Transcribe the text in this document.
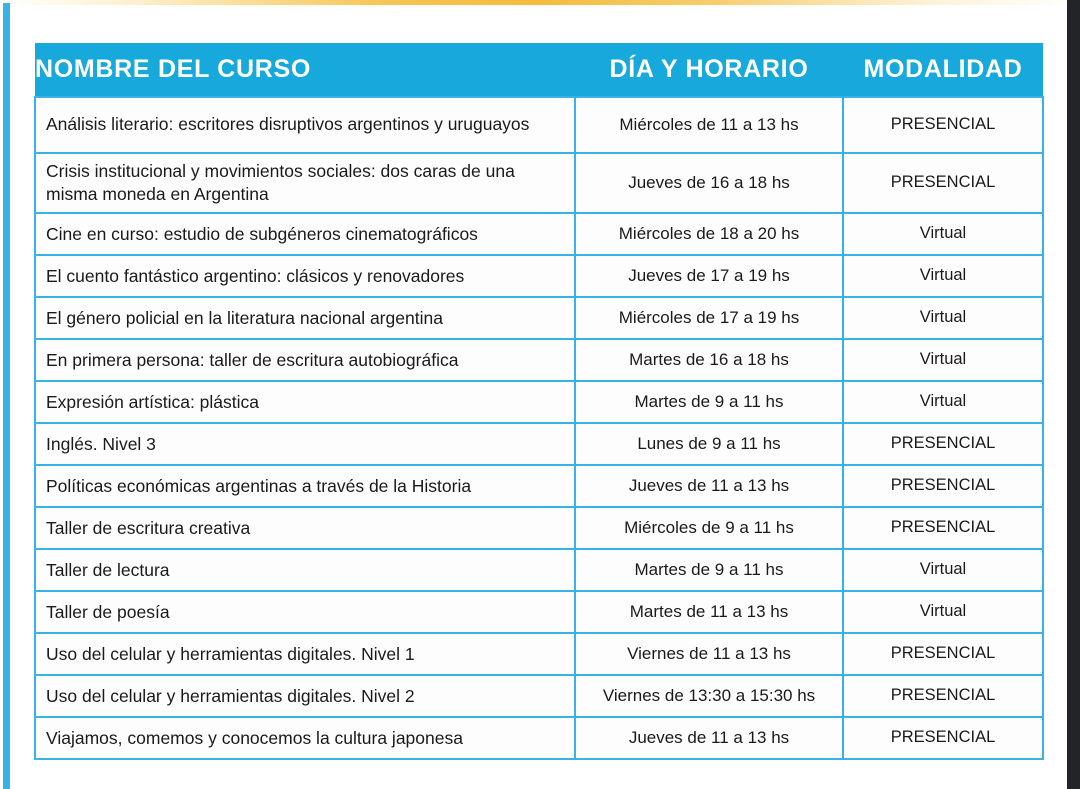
NOMBRE DEL CURSO	DÍA Y HORARIO	MODALIDAD
Análisis literario: escritores disruptivos argentinos y uruguayos	Miércoles de 11 a 13 hs	PRESENCIAL
Crisis institucional y movimientos sociales: dos caras de una misma moneda en Argentina	Jueves de 16 a 18 hs	PRESENCIAL
Cine en curso: estudio de subgéneros cinematográficos	Miércoles de 18 a 20 hs	Virtual
El cuento fantástico argentino: clásicos y renovadores	Jueves de 17 a 19 hs	Virtual
El género policial en la literatura nacional argentina	Miércoles de 17 a 19 hs	Virtual
En primera persona: taller de escritura autobiográfica	Martes de 16 a 18 hs	Virtual
Expresión artística: plástica	Martes de 9 a 11 hs	Virtual
Inglés. Nivel 3	Lunes de 9 a 11 hs	PRESENCIAL
Políticas económicas argentinas a través de la Historia	Jueves de 11 a 13 hs	PRESENCIAL
Taller de escritura creativa	Miércoles de 9 a 11 hs	PRESENCIAL
Taller de lectura	Martes de 9 a 11 hs	Virtual
Taller de poesía	Martes de 11 a 13 hs	Virtual
Uso del celular y herramientas digitales. Nivel 1	Viernes de 11 a 13 hs	PRESENCIAL
Uso del celular y herramientas digitales. Nivel 2	Viernes de 13:30 a 15:30 hs	PRESENCIAL
Viajamos, comemos y conocemos la cultura japonesa	Jueves de 11 a 13 hs	PRESENCIAL
